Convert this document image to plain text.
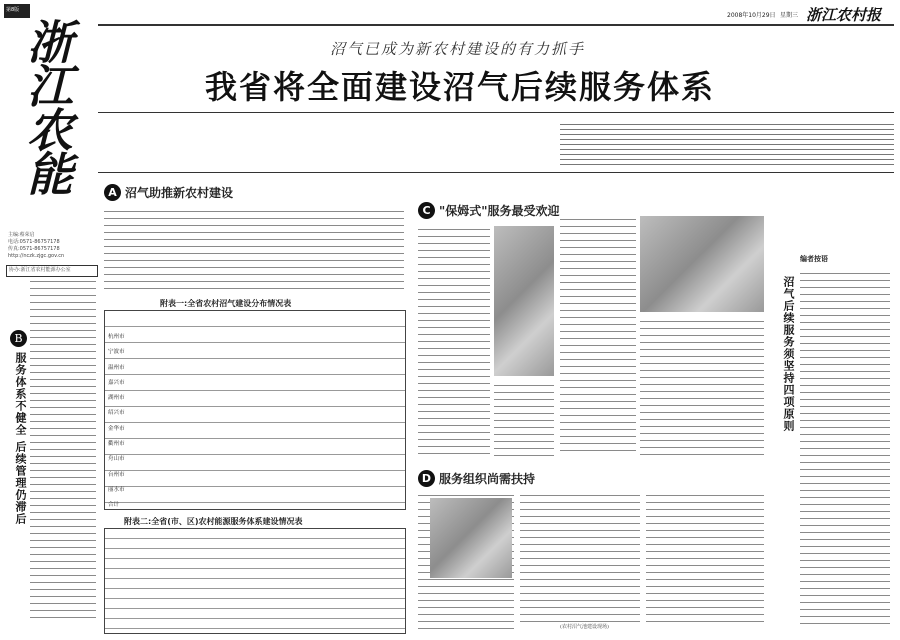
2008年10月29日 星期三 浙江农村报
第8版
浙江农能
主编:蔡荣启
电话:0571-86757178
传真:0571-86757178
http://nczk.zjgc.gov.cn
协办:浙江省农村能源办公室
B
服务体系不健全 后续管理仍滞后
沼气已成为新农村建设的有力抓手
我省将全面建设沼气后续服务体系
A 沼气助推新农村建设
附表一:全省农村沼气建设分布情况表
杭州市
宁波市
温州市
嘉兴市
湖州市
绍兴市
金华市
衢州市
舟山市
台州市
丽水市
合计
附表二:全省(市、区)农村能源服务体系建设情况表
C "保姆式"服务最受欢迎
D 服务组织尚需扶持
(农村沼气池建设现场)
编者按语
沼气后续服务须坚持四项原则
